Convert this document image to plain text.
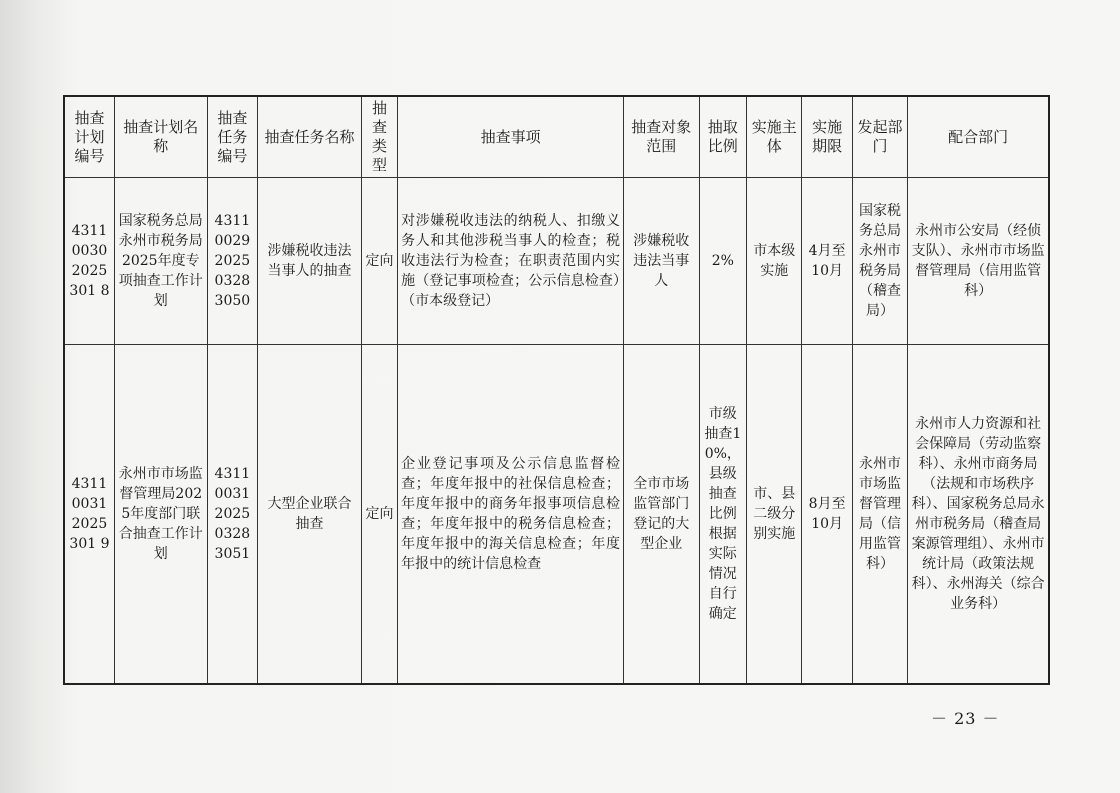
抽查计划编号	抽查计划名称	抽查任务编号	抽查任务名称	抽查类型	抽查事项	抽查对象范围	抽取比例	实施主体	实施期限	发起部门	配合部门
431100302025301 8	国家税务总局永州市税务局2025年度专项抽查工作计划	4311002920250328 3050	涉嫌税收违法当事人的抽查	定向	对涉嫌税收违法的纳税人、扣缴义务人和其他涉税当事人的检查；税收违法行为检查；在职责范围内实施（登记事项检查；公示信息检查）（市本级登记）	涉嫌税收违法当事人	2%	市本级实施	4月至10月	国家税务总局永州市税务局（稽查局）	永州市公安局（经侦支队）、永州市市场监督管理局（信用监管科）
431100312025301 9	永州市市场监督管理局2025年度部门联合抽查工作计划	4311003120250328 3051	大型企业联合抽查	定向	企业登记事项及公示信息监督检查；年度年报中的社保信息检查；年度年报中的商务年报事项信息检查；年度年报中的税务信息检查；年度年报中的海关信息检查；年度年报中的统计信息检查	全市市场监管部门登记的大型企业	市级抽查10%，县级抽查比例根据实际情况自行确定	市、县二级分别实施	8月至10月	永州市市场监督管理局（信用监管科）	永州市人力资源和社会保障局（劳动监察科）、永州市商务局（法规和市场秩序科）、国家税务总局永州市税务局（稽查局案源管理组）、永州市统计局（政策法规科）、永州海关（综合业务科）
－ 23 －
